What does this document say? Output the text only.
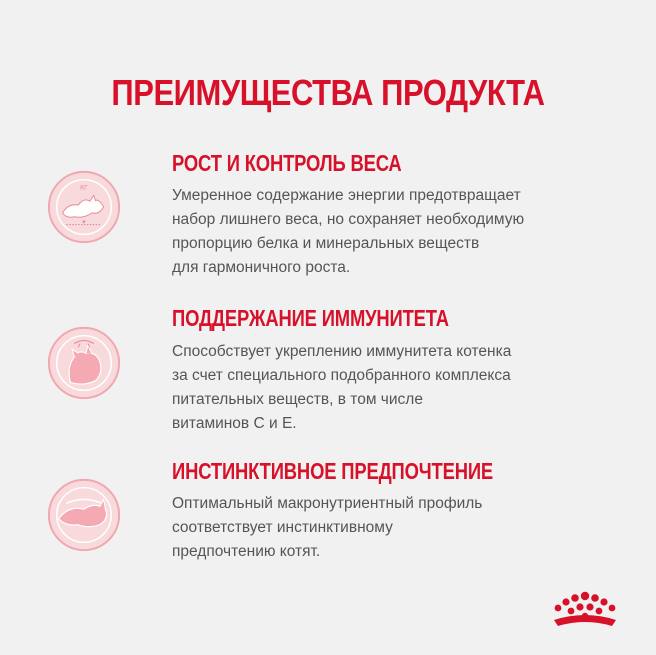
ПРЕИМУЩЕСТВА ПРОДУКТА
КГ
РОСТ И КОНТРОЛЬ ВЕСА
Умеренное содержание энергии предотвращает
набор лишнего веса, но сохраняет необходимую
пропорцию белка и минеральных веществ
для гармоничного роста.
ПОДДЕРЖАНИЕ ИММУНИТЕТА
Способствует укреплению иммунитета котенка
за счет специального подобранного комплекса
питательных веществ, в том числе
витаминов С и Е.
ИНСТИНКТИВНОЕ ПРЕДПОЧТЕНИЕ
Оптимальный макронутриентный профиль
соответствует инстинктивному
предпочтению котят.
